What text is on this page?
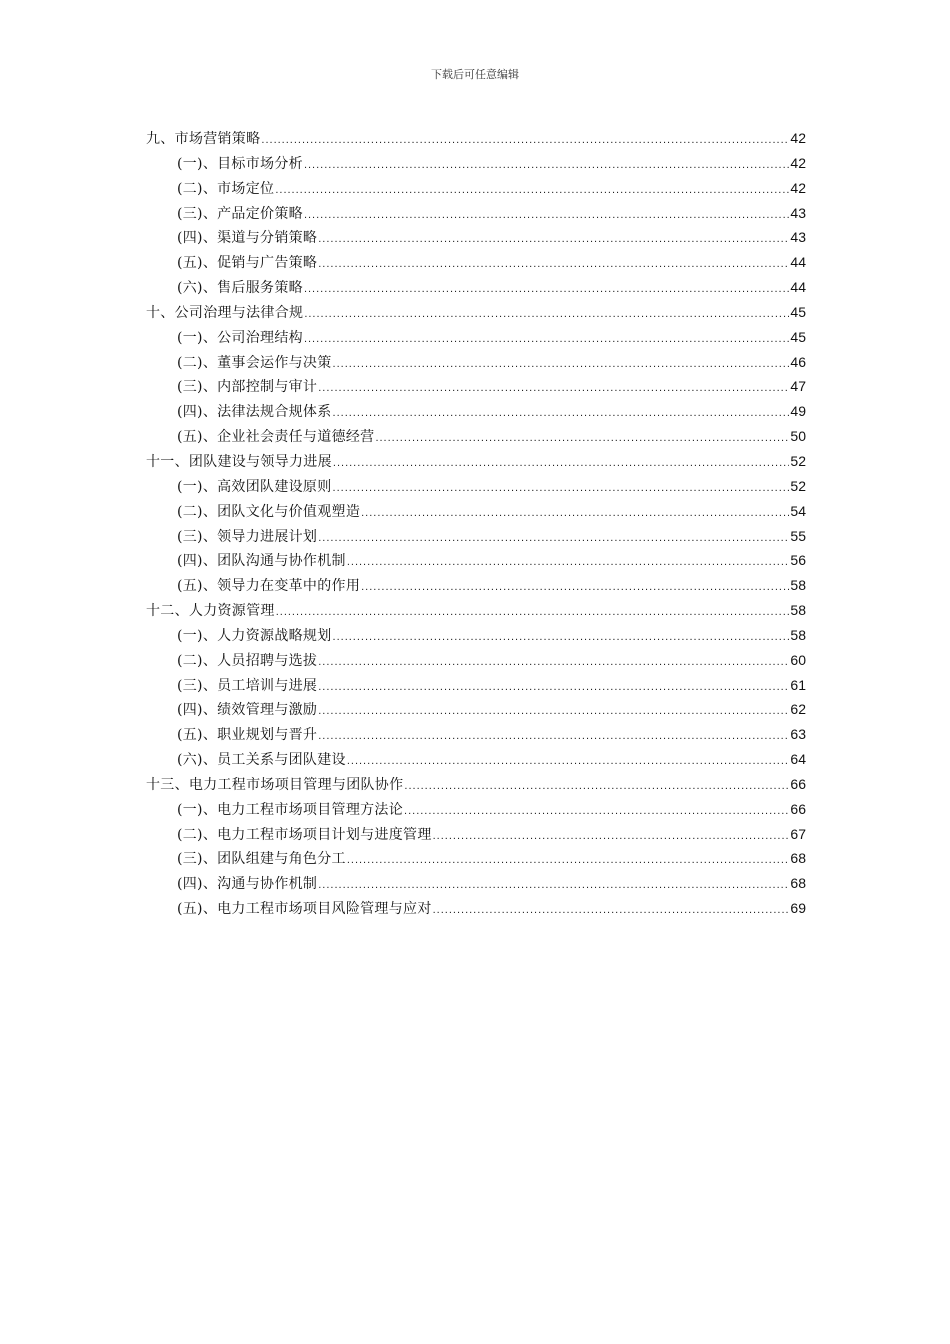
下载后可任意编辑
九、市场营销策略 .....	42
(一)、目标市场分析 .....	42
(二)、市场定位 .....	42
(三)、产品定价策略 .....	43
(四)、渠道与分销策略 .....	43
(五)、促销与广告策略 .....	44
(六)、售后服务策略 .....	44
十、公司治理与法律合规 .....	45
(一)、公司治理结构 .....	45
(二)、董事会运作与决策 .....	46
(三)、内部控制与审计 .....	47
(四)、法律法规合规体系 .....	49
(五)、企业社会责任与道德经营 .....	50
十一、团队建设与领导力进展 .....	52
(一)、高效团队建设原则 .....	52
(二)、团队文化与价值观塑造 .....	54
(三)、领导力进展计划 .....	55
(四)、团队沟通与协作机制 .....	56
(五)、领导力在变革中的作用 .....	58
十二、人力资源管理 .....	58
(一)、人力资源战略规划 .....	58
(二)、人员招聘与选拔 .....	60
(三)、员工培训与进展 .....	61
(四)、绩效管理与激励 .....	62
(五)、职业规划与晋升 .....	63
(六)、员工关系与团队建设 .....	64
十三、电力工程市场项目管理与团队协作 .....	66
(一)、电力工程市场项目管理方法论 .....	66
(二)、电力工程市场项目计划与进度管理 .....	67
(三)、团队组建与角色分工 .....	68
(四)、沟通与协作机制 .....	68
(五)、电力工程市场项目风险管理与应对 .....	69
